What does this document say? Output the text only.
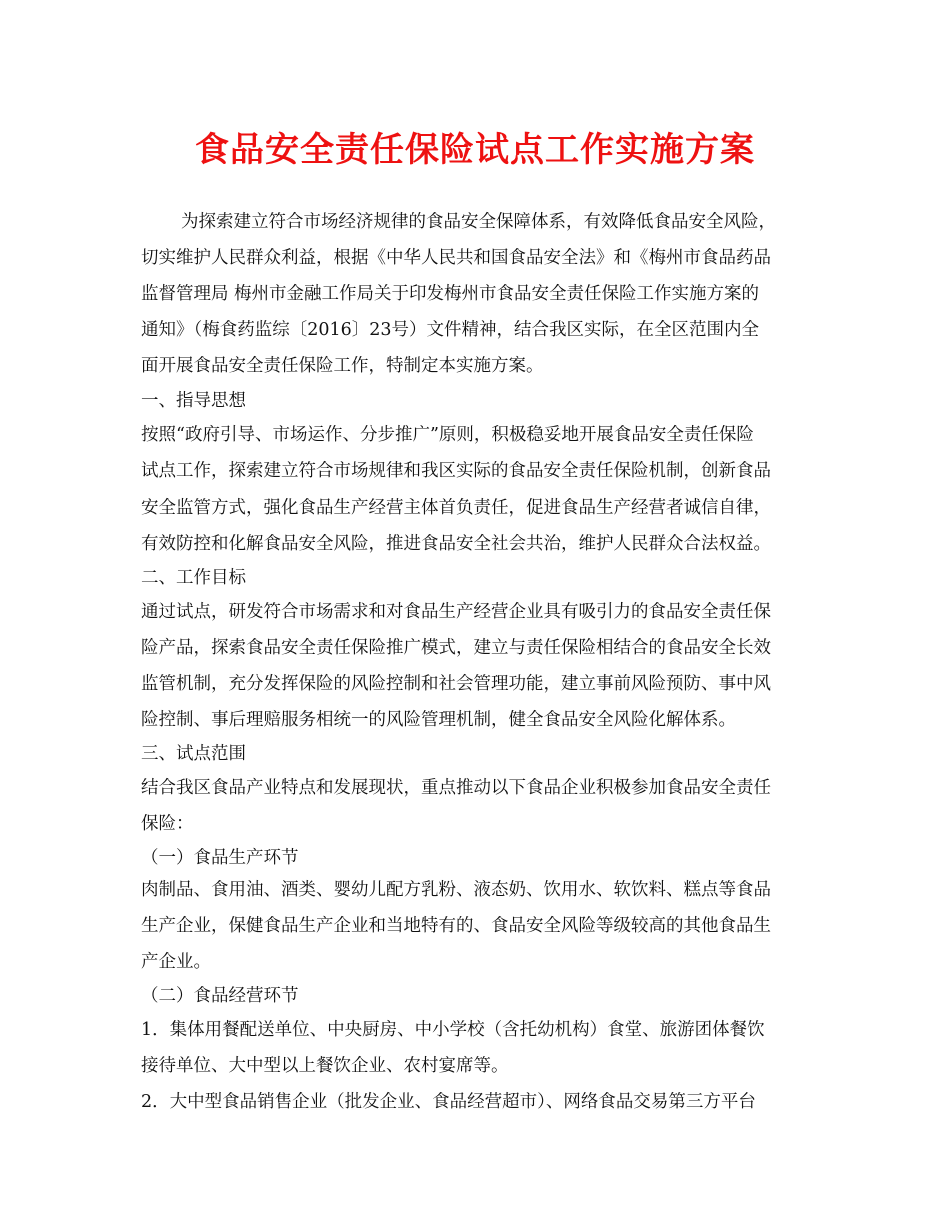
食品安全责任保险试点工作实施方案
为探索建立符合市场经济规律的食品安全保障体系，有效降低食品安全风险，
切实维护人民群众利益，根据《中华人民共和国食品安全法》和《梅州市食品药品
监督管理局 梅州市金融工作局关于印发梅州市食品安全责任保险工作实施方案的
通知》（梅食药监综〔2016〕23号）文件精神，结合我区实际，在全区范围内全
面开展食品安全责任保险工作，特制定本实施方案。
一、指导思想
按照“政府引导、市场运作、分步推广”原则，积极稳妥地开展食品安全责任保险
试点工作，探索建立符合市场规律和我区实际的食品安全责任保险机制，创新食品
安全监管方式，强化食品生产经营主体首负责任，促进食品生产经营者诚信自律，
有效防控和化解食品安全风险，推进食品安全社会共治，维护人民群众合法权益。
二、工作目标
通过试点，研发符合市场需求和对食品生产经营企业具有吸引力的食品安全责任保
险产品，探索食品安全责任保险推广模式，建立与责任保险相结合的食品安全长效
监管机制，充分发挥保险的风险控制和社会管理功能，建立事前风险预防、事中风
险控制、事后理赔服务相统一的风险管理机制，健全食品安全风险化解体系。
三、试点范围
结合我区食品产业特点和发展现状，重点推动以下食品企业积极参加食品安全责任
保险：
（一）食品生产环节
肉制品、食用油、酒类、婴幼儿配方乳粉、液态奶、饮用水、软饮料、糕点等食品
生产企业，保健食品生产企业和当地特有的、食品安全风险等级较高的其他食品生
产企业。
（二）食品经营环节
1．集体用餐配送单位、中央厨房、中小学校（含托幼机构）食堂、旅游团体餐饮
接待单位、大中型以上餐饮企业、农村宴席等。
2．大中型食品销售企业（批发企业、食品经营超市）、网络食品交易第三方平台
